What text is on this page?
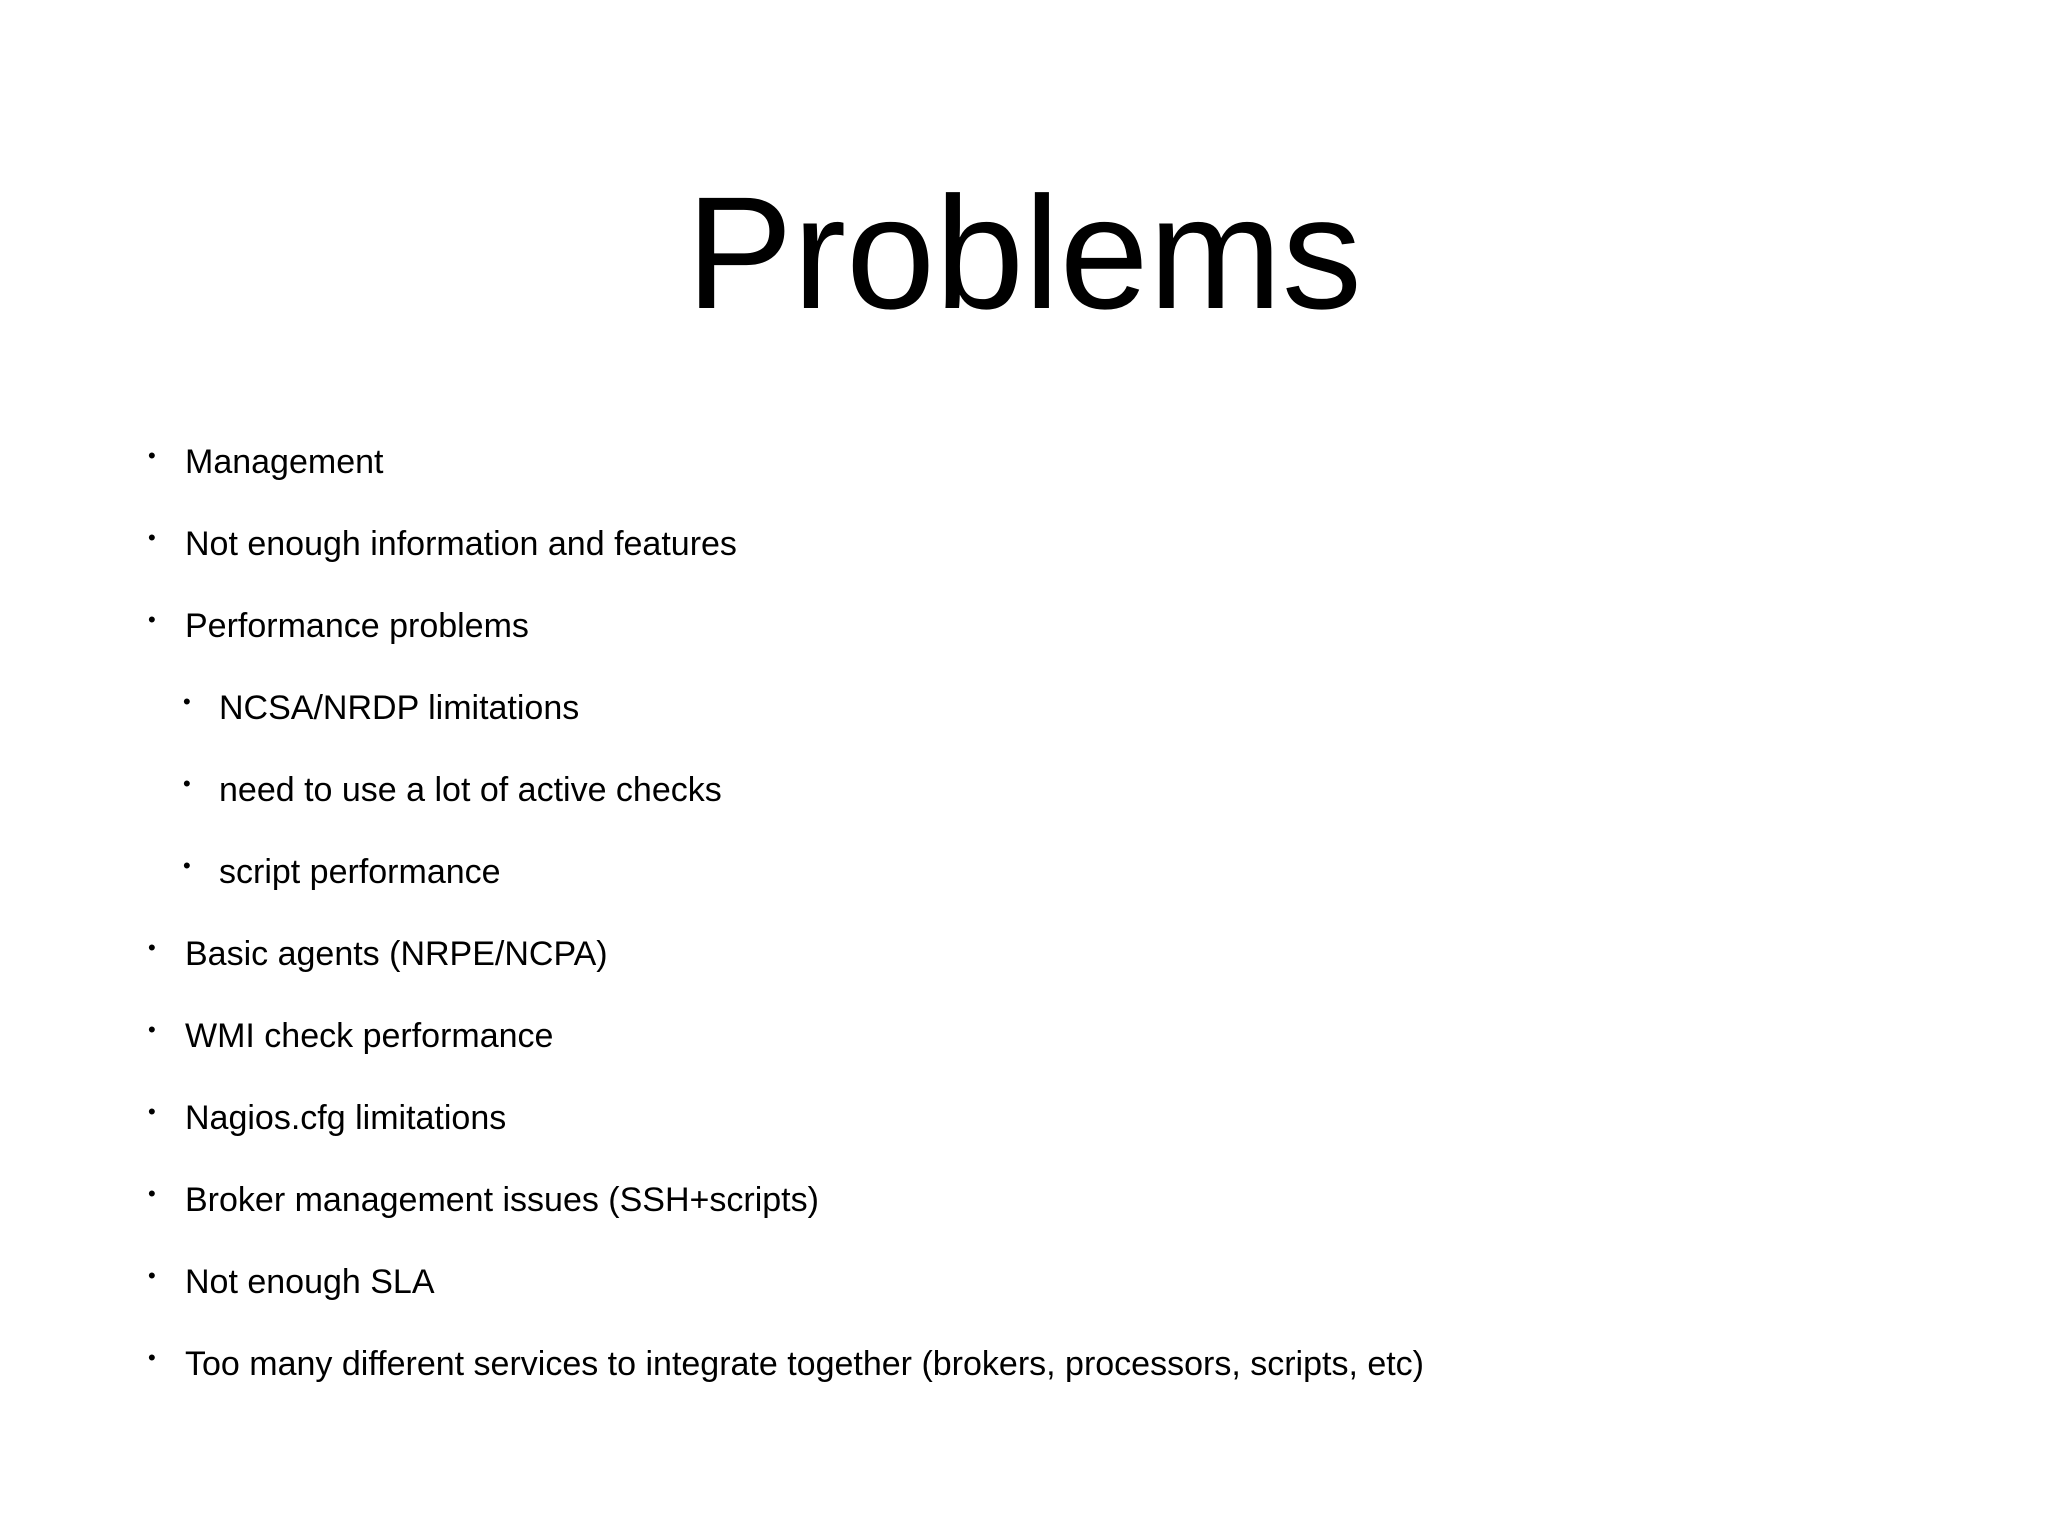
Problems
• Management
• Not enough information and features
• Performance problems
• NCSA/NRDP limitations
• need to use a lot of active checks
• script performance
• Basic agents (NRPE/NCPA)
• WMI check performance
• Nagios.cfg limitations
• Broker management issues (SSH+scripts)
• Not enough SLA
• Too many different services to integrate together (brokers, processors, scripts, etc)
